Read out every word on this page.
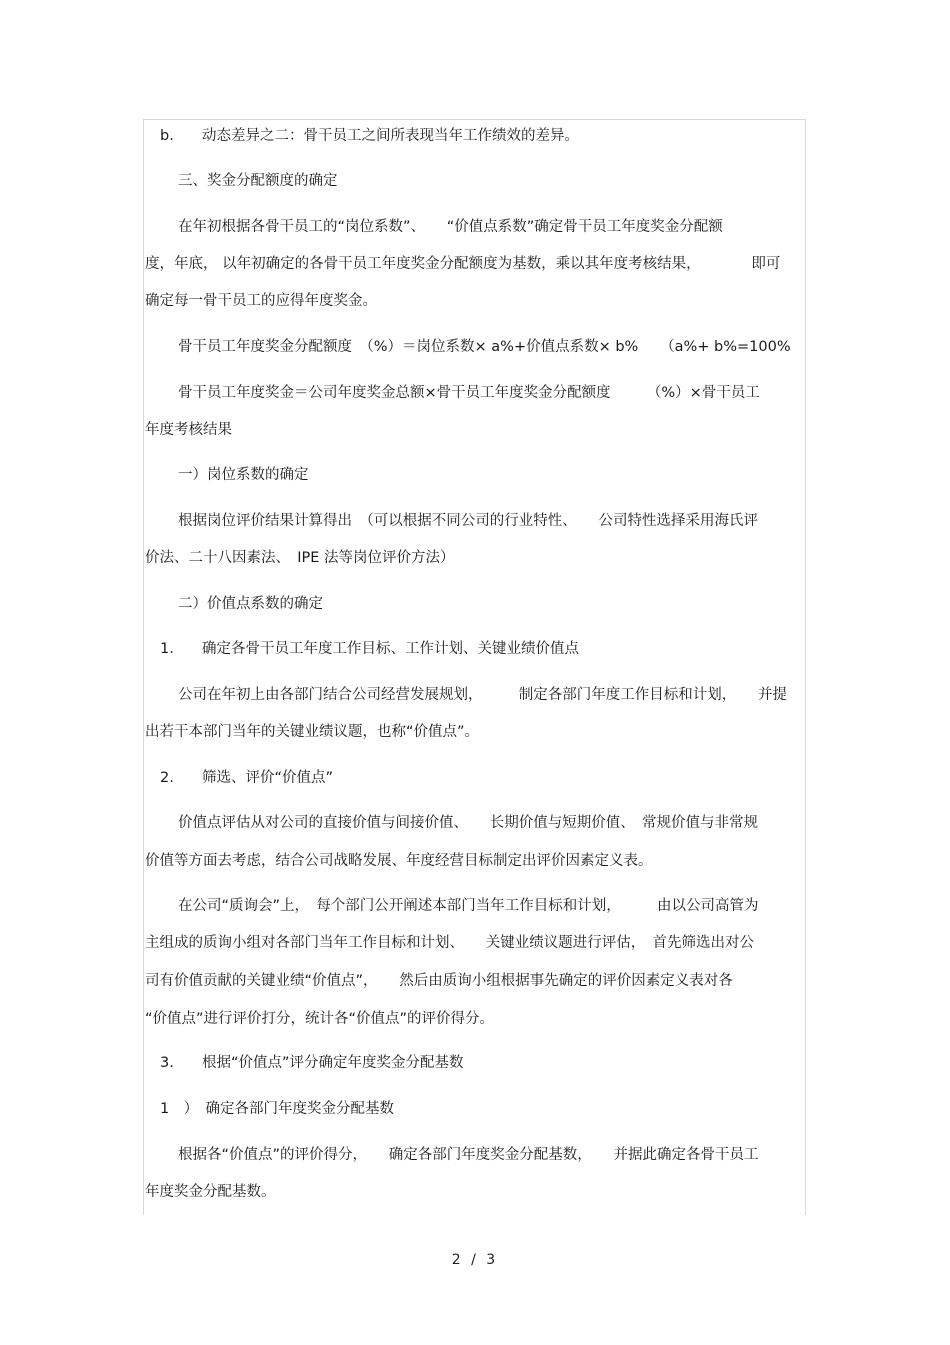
b. 动态差异之二：骨干员工之间所表现当年工作绩效的差异。
三、奖金分配额度的确定
在年初根据各骨干员工的“岗位系数”、　　“价值点系数”确定骨干员工年度奖金分配额
度，年底， 以年初确定的各骨干员工年度奖金分配额度为基数，乘以其年度考核结果，　　　　即可
确定每一骨干员工的应得年度奖金。
骨干员工年度奖金分配额度　（%）＝岗位系数× a%+价值点系数× b%　　（a%+ b%=100%
骨干员工年度奖金＝公司年度奖金总额×骨干员工年度奖金分配额度　　　（%）×骨干员工
年度考核结果
一）岗位系数的确定
根据岗位评价结果计算得出　（可以根据不同公司的行业特性、　　公司特性选择采用海氏评
价法、二十八因素法、　IPE 法等岗位评价方法）
二）价值点系数的确定
1. 确定各骨干员工年度工作目标、工作计划、关键业绩价值点
公司在年初上由各部门结合公司经营发展规划，　　　制定各部门年度工作目标和计划，　　并提
出若干本部门当年的关键业绩议题，也称“价值点”。
2. 筛选、评价“价值点”
价值点评估从对公司的直接价值与间接价值、　　长期价值与短期价值、　常规价值与非常规
价值等方面去考虑，结合公司战略发展、年度经营目标制定出评价因素定义表。
在公司“质询会”上，　每个部门公开阐述本部门当年工作目标和计划，　　　由以公司高管为
主组成的质询小组对各部门当年工作目标和计划、　　关键业绩议题进行评估，　首先筛选出对公
司有价值贡献的关键业绩“价值点”，　　然后由质询小组根据事先确定的评价因素定义表对各
“价值点”进行评价打分，统计各“价值点”的评价得分。
3. 根据“价值点”评分确定年度奖金分配基数
1　）　确定各部门年度奖金分配基数
根据各“价值点”的评价得分，　　确定各部门年度奖金分配基数，　　并据此确定各骨干员工
年度奖金分配基数。
2 / 3
